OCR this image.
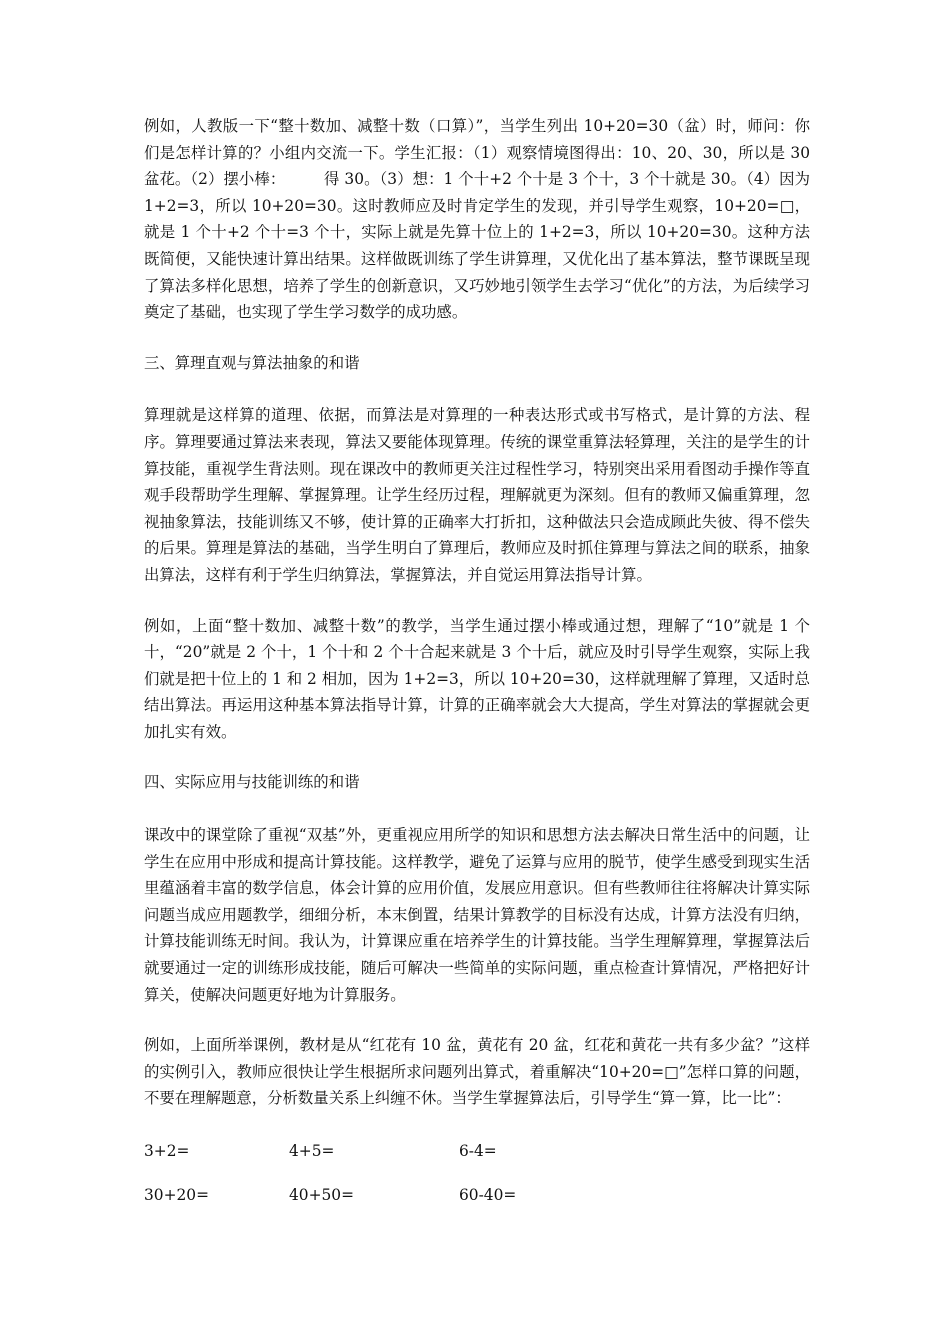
例如，人教版一下“整十数加、减整十数（口算）”，当学生列出 10+20=30（盆）时，师问：你们是怎样计算的？小组内交流一下。学生汇报：（1）观察情境图得出：10、20、30，所以是 30 盆花。（2）摆小棒：　　　得 30。（3）想：1 个十+2 个十是 3 个十，3 个十就是 30。（4）因为 1+2=3，所以 10+20=30。这时教师应及时肯定学生的发现，并引导学生观察，10+20=□，就是 1 个十+2 个十=3 个十，实际上就是先算十位上的 1+2=3，所以 10+20=30。这种方法既简便，又能快速计算出结果。这样做既训练了学生讲算理，又优化出了基本算法，整节课既呈现了算法多样化思想，培养了学生的创新意识，又巧妙地引领学生去学习“优化”的方法，为后续学习奠定了基础，也实现了学生学习数学的成功感。

三、算理直观与算法抽象的和谐

算理就是这样算的道理、依据，而算法是对算理的一种表达形式或书写格式，是计算的方法、程序。算理要通过算法来表现，算法又要能体现算理。传统的课堂重算法轻算理，关注的是学生的计算技能，重视学生背法则。现在课改中的教师更关注过程性学习，特别突出采用看图动手操作等直观手段帮助学生理解、掌握算理。让学生经历过程，理解就更为深刻。但有的教师又偏重算理，忽视抽象算法，技能训练又不够，使计算的正确率大打折扣，这种做法只会造成顾此失彼、得不偿失的后果。算理是算法的基础，当学生明白了算理后，教师应及时抓住算理与算法之间的联系，抽象出算法，这样有利于学生归纳算法，掌握算法，并自觉运用算法指导计算。

例如，上面“整十数加、减整十数”的教学，当学生通过摆小棒或通过想，理解了“10”就是 1 个十，“20”就是 2 个十，1 个十和 2 个十合起来就是 3 个十后，就应及时引导学生观察，实际上我们就是把十位上的 1 和 2 相加，因为 1+2=3，所以 10+20=30，这样就理解了算理，又适时总结出算法。再运用这种基本算法指导计算，计算的正确率就会大大提高，学生对算法的掌握就会更加扎实有效。

四、实际应用与技能训练的和谐

课改中的课堂除了重视“双基”外，更重视应用所学的知识和思想方法去解决日常生活中的问题，让学生在应用中形成和提高计算技能。这样教学，避免了运算与应用的脱节，使学生感受到现实生活里蕴涵着丰富的数学信息，体会计算的应用价值，发展应用意识。但有些教师往往将解决计算实际问题当成应用题教学，细细分析，本末倒置，结果计算教学的目标没有达成，计算方法没有归纳，计算技能训练无时间。我认为，计算课应重在培养学生的计算技能。当学生理解算理，掌握算法后就要通过一定的训练形成技能，随后可解决一些简单的实际问题，重点检查计算情况，严格把好计算关，使解决问题更好地为计算服务。

例如，上面所举课例，教材是从“红花有 10 盆，黄花有 20 盆，红花和黄花一共有多少盆？”这样的实例引入，教师应很快让学生根据所求问题列出算式，着重解决“10+20=□”怎样口算的问题，不要在理解题意，分析数量关系上纠缠不休。当学生掌握算法后，引导学生“算一算，比一比”：

3+2=	4+5=	6-4=
30+20=	40+50=	60-40=
